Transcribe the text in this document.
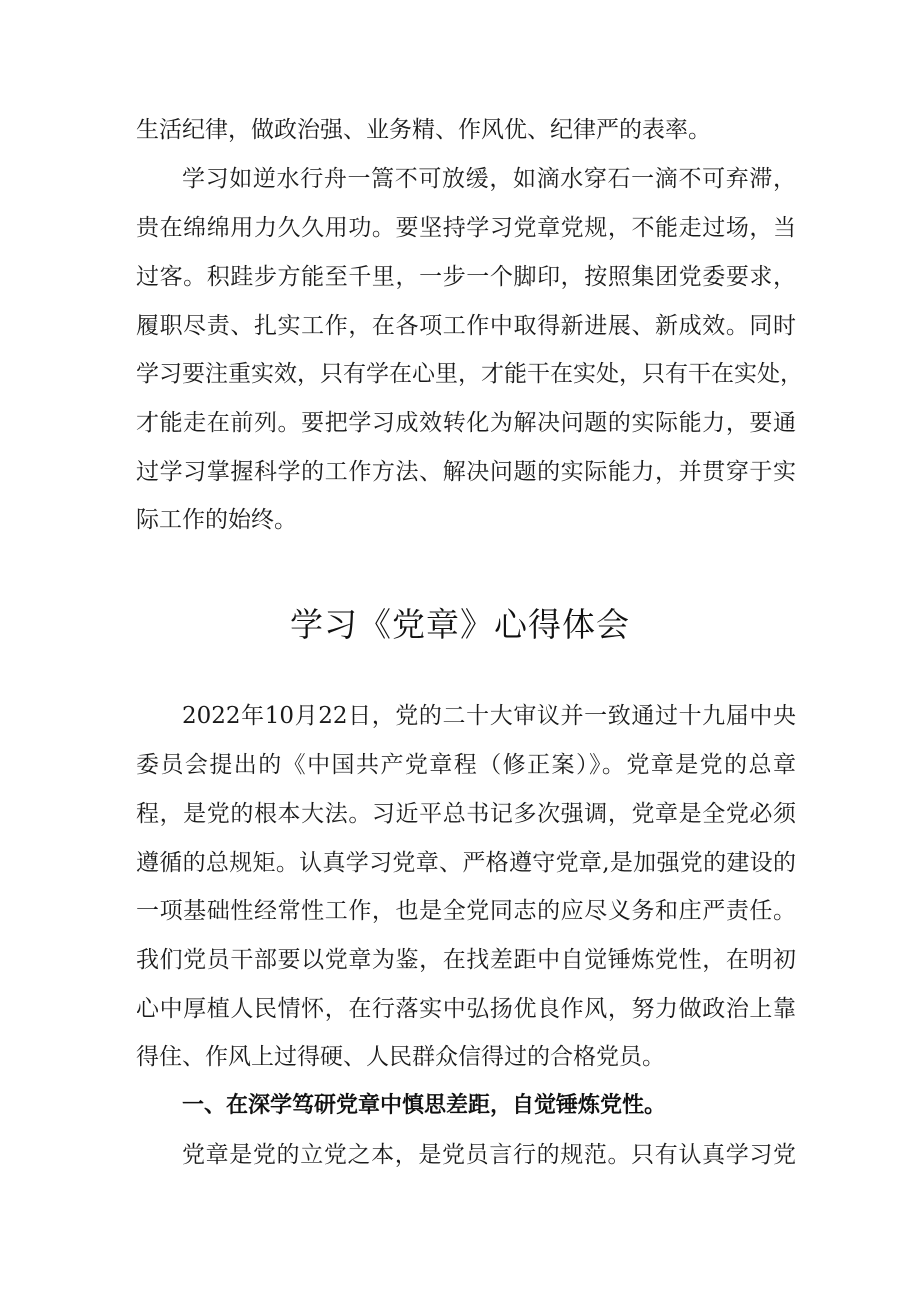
生活纪律，做政治强、业务精、作风优、纪律严的表率。
学习如逆水行舟一篙不可放缓，如滴水穿石一滴不可弃滞，
贵在绵绵用力久久用功。要坚持学习党章党规，不能走过场，当
过客。积跬步方能至千里，一步一个脚印，按照集团党委要求，
履职尽责、扎实工作，在各项工作中取得新进展、新成效。同时
学习要注重实效，只有学在心里，才能干在实处，只有干在实处，
才能走在前列。要把学习成效转化为解决问题的实际能力，要通
过学习掌握科学的工作方法、解决问题的实际能力，并贯穿于实
际工作的始终。
学习《党章》心得体会
2022年10月22日，党的二十大审议并一致通过十九届中央
委员会提出的《中国共产党章程（修正案）》。党章是党的总章
程，是党的根本大法。习近平总书记多次强调，党章是全党必须
遵循的总规矩。认真学习党章、严格遵守党章,是加强党的建设的
一项基础性经常性工作，也是全党同志的应尽义务和庄严责任。
我们党员干部要以党章为鉴，在找差距中自觉锤炼党性，在明初
心中厚植人民情怀，在行落实中弘扬优良作风，努力做政治上靠
得住、作风上过得硬、人民群众信得过的合格党员。
一、在深学笃研党章中慎思差距，自觉锤炼党性。
党章是党的立党之本，是党员言行的规范。只有认真学习党
